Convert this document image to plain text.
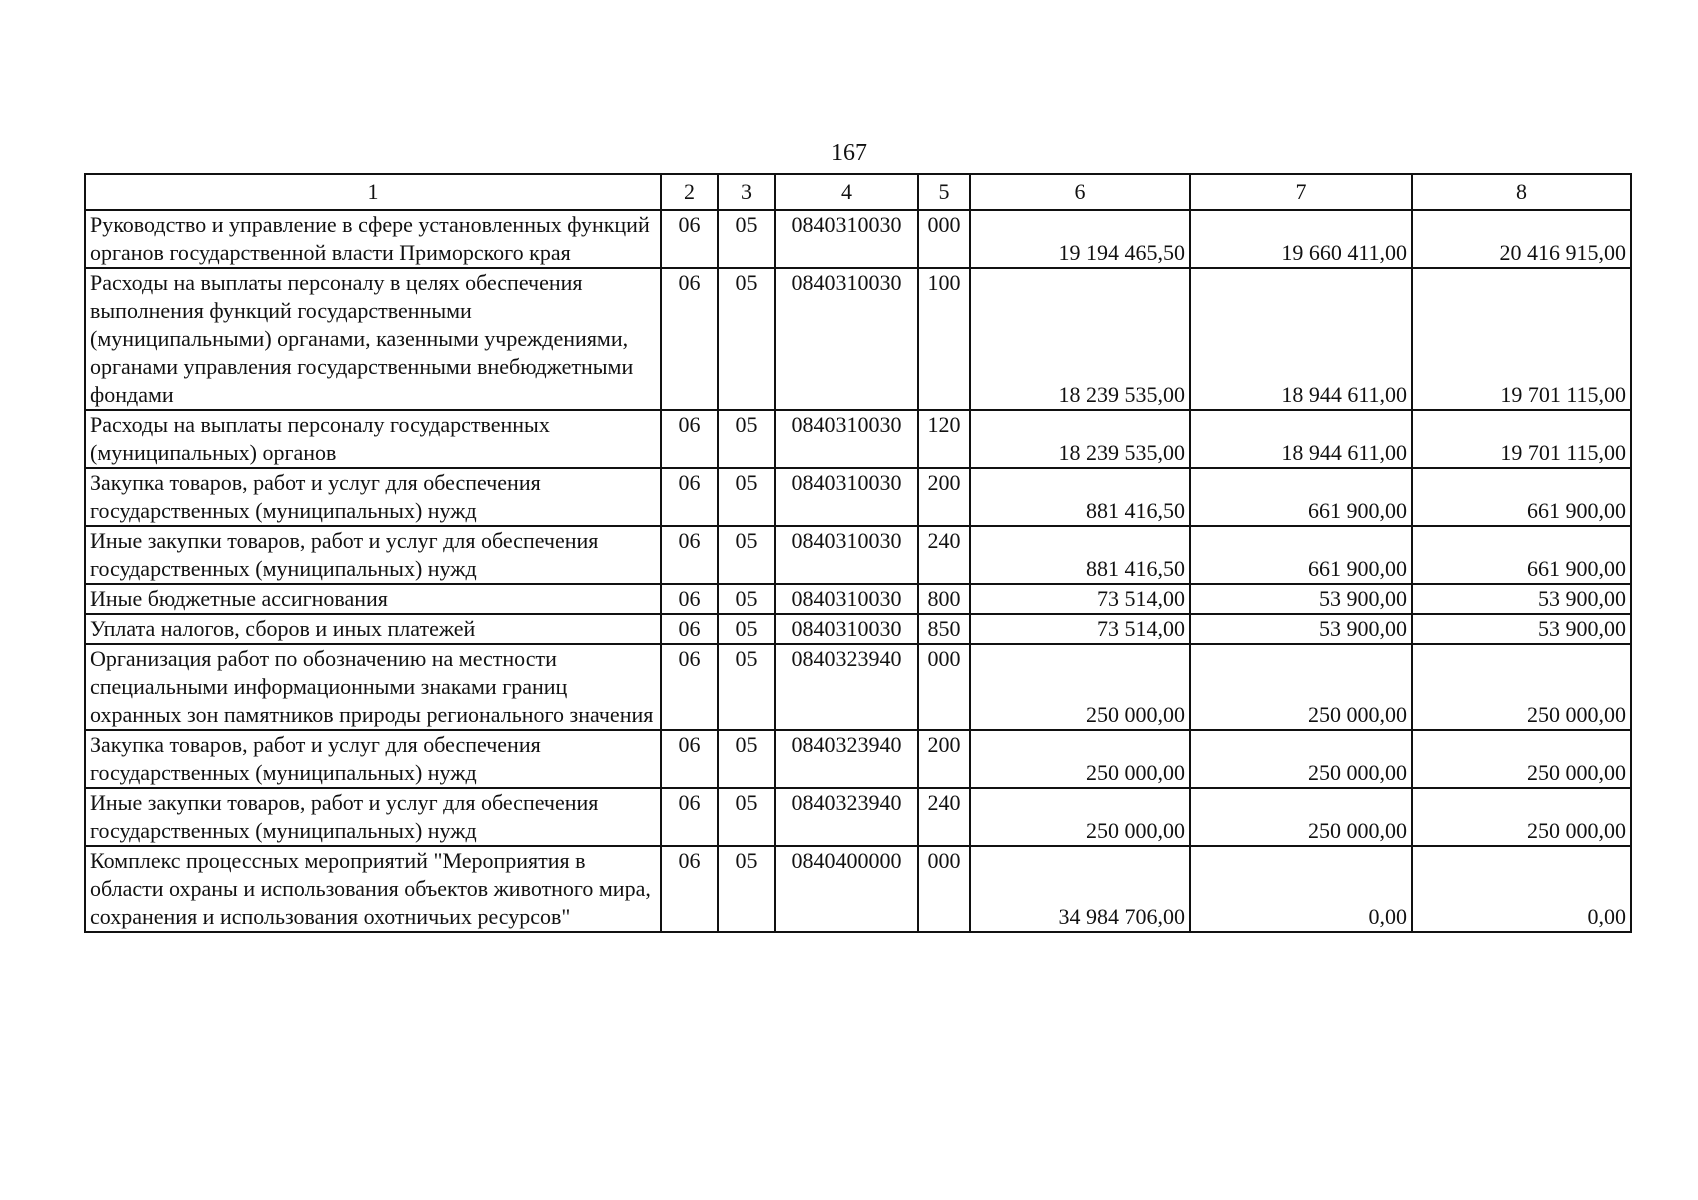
167
1	2	3	4	5	6	7	8
Руководство и управление в сфере установленных функций органов государственной власти Приморского края	06	05	0840310030	000	19 194 465,50	19 660 411,00	20 416 915,00
Расходы на выплаты персоналу в целях обеспечения выполнения функций государственными (муниципальными) органами, казенными учреждениями, органами управления государственными внебюджетными фондами	06	05	0840310030	100	18 239 535,00	18 944 611,00	19 701 115,00
Расходы на выплаты персоналу государственных (муниципальных) органов	06	05	0840310030	120	18 239 535,00	18 944 611,00	19 701 115,00
Закупка товаров, работ и услуг для обеспечения государственных (муниципальных) нужд	06	05	0840310030	200	881 416,50	661 900,00	661 900,00
Иные закупки товаров, работ и услуг для обеспечения государственных (муниципальных) нужд	06	05	0840310030	240	881 416,50	661 900,00	661 900,00
Иные бюджетные ассигнования	06	05	0840310030	800	73 514,00	53 900,00	53 900,00
Уплата налогов, сборов и иных платежей	06	05	0840310030	850	73 514,00	53 900,00	53 900,00
Организация работ по обозначению на местности специальными информационными знаками границ охранных зон памятников природы регионального значения	06	05	0840323940	000	250 000,00	250 000,00	250 000,00
Закупка товаров, работ и услуг для обеспечения государственных (муниципальных) нужд	06	05	0840323940	200	250 000,00	250 000,00	250 000,00
Иные закупки товаров, работ и услуг для обеспечения государственных (муниципальных) нужд	06	05	0840323940	240	250 000,00	250 000,00	250 000,00
Комплекс процессных мероприятий "Мероприятия в области охраны и использования объектов животного мира, сохранения и использования охотничьих ресурсов"	06	05	0840400000	000	34 984 706,00	0,00	0,00
